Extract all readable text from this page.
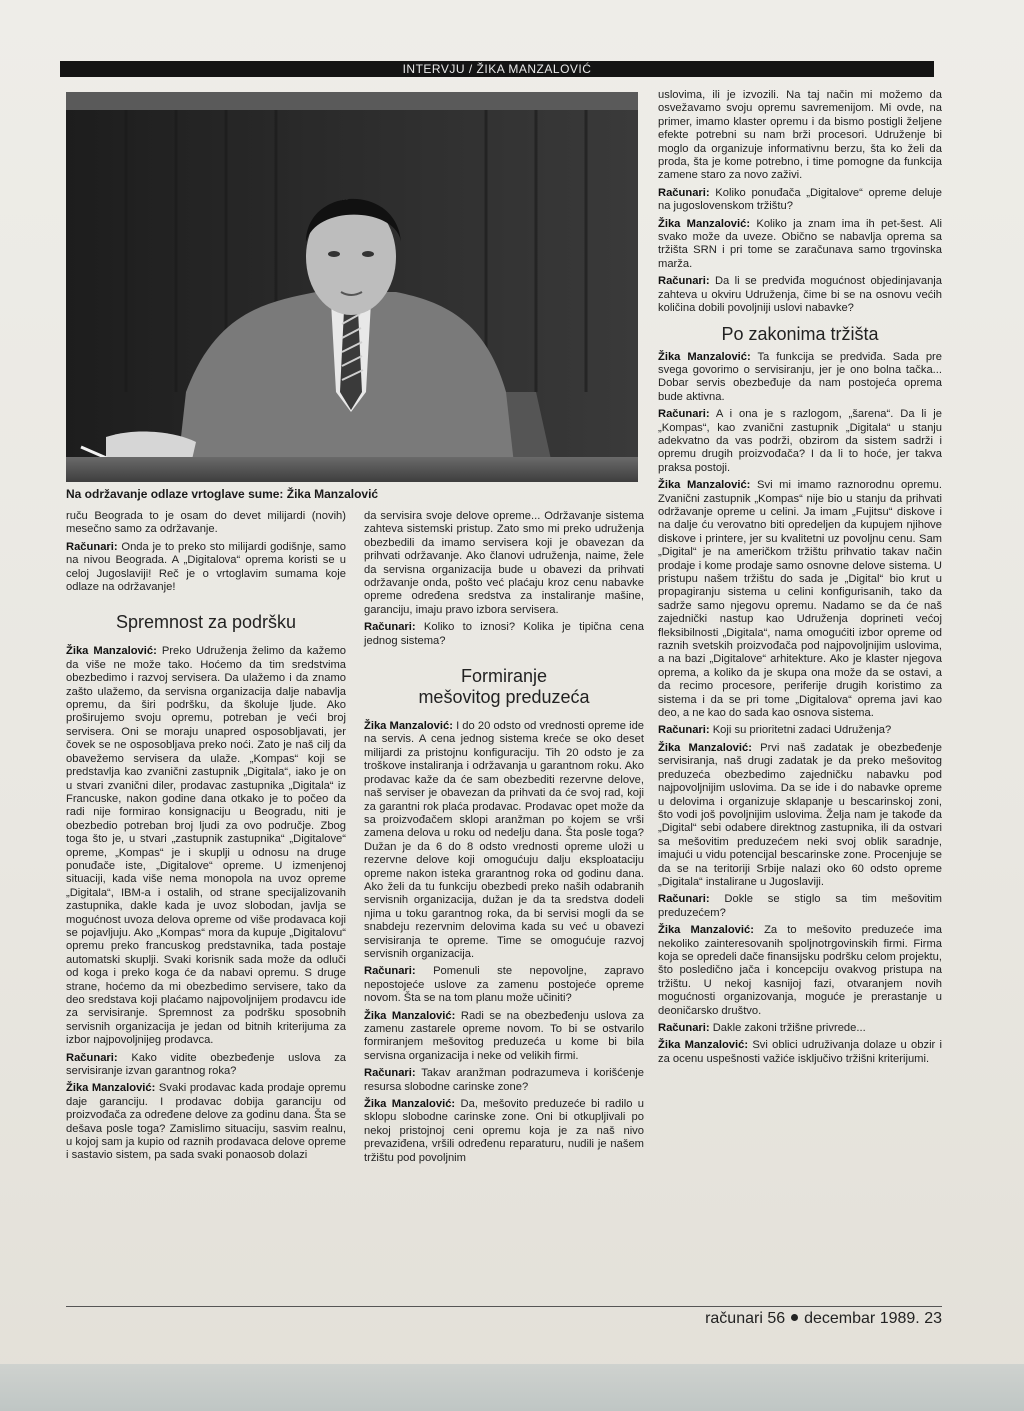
INTERVJU / ŽIKA MANZALOVIĆ
Na održavanje odlaze vrtoglave sume: Žika Manzalović

ruču Beograda to je osam do devet milijardi (novih) mesečno samo za održavanje.

Računari: Onda je to preko sto milijardi godišnje, samo na nivou Beograda. A „Digitalova“ oprema koristi se u celoj Jugoslaviji! Reč je o vrtoglavim sumama koje odlaze na održavanje!

Spremnost za podršku

Žika Manzalović: Preko Udruženja želimo da kažemo da više ne može tako. Hoćemo da tim sredstvima obezbedimo i razvoj servisera. Da ulažemo i da znamo zašto ulažemo, da servisna organizacija dalje nabavlja opremu, da širi podršku, da školuje ljude. Ako proširujemo svoju opremu, potreban je veći broj servisera. Oni se moraju unapred osposobljavati, jer čovek se ne osposobljava preko noći. Zato je naš cilj da obavežemo servisera da ulaže. „Kompas“ koji se predstavlja kao zvanični zastupnik „Digitala“, iako je on u stvari zvanični diler, prodavac zastupnika „Digitala“ iz Francuske, nakon godine dana otkako je to počeo da radi nije formirao konsignaciju u Beogradu, niti je obezbedio potreban broj ljudi za ovo područje. Zbog toga što je, u stvari „zastupnik zastupnika“ „Digitalove“ opreme, „Kompas“ je i skuplji u odnosu na druge ponuđače iste, „Digitalove“ opreme. U izmenjenoj situaciji, kada više nema monopola na uvoz opreme „Digitala“, IBM-a i ostalih, od strane specijalizovanih zastupnika, dakle kada je uvoz slobodan, javlja se mogućnost uvoza delova opreme od više prodavaca koji se pojavljuju. Ako „Kompas“ mora da kupuje „Digitalovu“ opremu preko francuskog predstavnika, tada postaje automatski skuplji. Svaki korisnik sada može da odluči od koga i preko koga će da nabavi opremu. S druge strane, hoćemo da mi obezbedimo servisere, tako da deo sredstava koji plaćamo najpovoljnijem prodavcu ide za servisiranje. Spremnost za podršku sposobnih servisnih organizacija je jedan od bitnih kriterijuma za izbor najpovoljnijeg prodavca.

Računari: Kako vidite obezbeđenje uslova za servisiranje izvan garantnog roka?

Žika Manzalović: Svaki prodavac kada prodaje opremu daje garanciju. I prodavac dobija garanciju od proizvođača za određene delove za godinu dana. Šta se dešava posle toga? Zamislimo situaciju, sasvim realnu, u kojoj sam ja kupio od raznih prodavaca delove opreme i sastavio sistem, pa sada svaki ponaosob dolazi

da servisira svoje delove opreme... Održavanje sistema zahteva sistemski pristup. Zato smo mi preko udruženja obezbedili da imamo servisera koji je obavezan da prihvati održavanje. Ako članovi udruženja, naime, žele da servisna organizacija bude u obavezi da prihvati održavanje onda, pošto već plaćaju kroz cenu nabavke opreme određena sredstva za instaliranje mašine, garanciju, imaju pravo izbora servisera.

Računari: Koliko to iznosi? Kolika je tipična cena jednog sistema?

Formiranje
mešovitog preduzeća

Žika Manzalović: I do 20 odsto od vrednosti opreme ide na servis. A cena jednog sistema kreće se oko deset milijardi za pristojnu konfiguraciju. Tih 20 odsto je za troškove instaliranja i održavanja u garantnom roku. Ako prodavac kaže da će sam obezbediti rezervne delove, naš serviser je obavezan da prihvati da će svoj rad, koji za garantni rok plaća prodavac. Prodavac opet može da sa proizvođačem sklopi aranžman po kojem se vrši zamena delova u roku od nedelju dana. Šta posle toga? Dužan je da 6 do 8 odsto vrednosti opreme uloži u rezervne delove koji omogućuju dalju eksploataciju opreme nakon isteka grarantnog roka od godinu dana. Ako želi da tu funkciju obezbedi preko naših odabranih servisnih organizacija, dužan je da ta sredstva dodeli njima u toku garantnog roka, da bi servisi mogli da se snabdeju rezervnim delovima kada su već u obavezi servisiranja te opreme. Time se omogućuje razvoj servisnih organizacija.

Računari: Pomenuli ste nepovoljne, zapravo nepostojeće uslove za zamenu postojeće opreme novom. Šta se na tom planu može učiniti?

Žika Manzalović: Radi se na obezbeđenju uslova za zamenu zastarele opreme novom. To bi se ostvarilo formiranjem mešovitog preduzeća u kome bi bila servisna organizacija i neke od velikih firmi.

Računari: Takav aranžman podrazumeva i korišćenje resursa slobodne carinske zone?

Žika Manzalović: Da, mešovito preduzeće bi radilo u sklopu slobodne carinske zone. Oni bi otkupljivali po nekoj pristojnoj ceni opremu koja je za naš nivo prevaziđena, vršili određenu reparaturu, nudili je našem tržištu pod povoljnim

uslovima, ili je izvozili. Na taj način mi možemo da osvežavamo svoju opremu savremenijom. Mi ovde, na primer, imamo klaster opremu i da bismo postigli željene efekte potrebni su nam brži procesori. Udruženje bi moglo da organizuje informativnu berzu, šta ko želi da proda, šta je kome potrebno, i time pomogne da funkcija zamene staro za novo zaživi.

Računari: Koliko ponuđača „Digitalove“ opreme deluje na jugoslovenskom tržištu?

Žika Manzalović: Koliko ja znam ima ih pet-šest. Ali svako može da uveze. Obično se nabavlja oprema sa tržišta SRN i pri tome se zaračunava samo trgovinska marža.

Računari: Da li se predviđa mogućnost objedinjavanja zahteva u okviru Udruženja, čime bi se na osnovu većih količina dobili povoljniji uslovi nabavke?

Po zakonima tržišta

Žika Manzalović: Ta funkcija se predviđa. Sada pre svega govorimo o servisiranju, jer je ono bolna tačka... Dobar servis obezbeđuje da nam postojeća oprema bude aktivna.

Računari: A i ona je s razlogom, „šarena“. Da li je „Kompas“, kao zvanični zastupnik „Digitala“ u stanju adekvatno da vas podrži, obzirom da sistem sadrži i opremu drugih proizvođača? I da li to hoće, jer takva praksa postoji.

Žika Manzalović: Svi mi imamo raznorodnu opremu. Zvanični zastupnik „Kompas“ nije bio u stanju da prihvati održavanje opreme u celini. Ja imam „Fujitsu“ diskove i na dalje ću verovatno biti opredeljen da kupujem njihove diskove i printere, jer su kvalitetni uz povoljnu cenu. Sam „Digital“ je na američkom tržištu prihvatio takav način prodaje i kome prodaje samo osnovne delove sistema. U pristupu našem tržištu do sada je „Digital“ bio krut u propagiranju sistema u celini konfigurisanih, tako da sadrže samo njegovu opremu. Nadamo se da će naš zajednički nastup kao Udruženja doprineti većoj fleksibilnosti „Digitala“, nama omogućiti izbor opreme od raznih svetskih proizvođača pod najpovoljnijim uslovima, a na bazi „Digitalove“ arhitekture. Ako je klaster njegova oprema, a koliko da je skupa ona može da se ostavi, a da recimo procesore, periferije drugih koristimo za sistema i da se pri tome „Digitalova“ oprema javi kao deo, a ne kao do sada kao osnova sistema.

Računari: Koji su prioritetni zadaci Udruženja?

Žika Manzalović: Prvi naš zadatak je obezbeđenje servisiranja, naš drugi zadatak je da preko mešovitog preduzeća obezbedimo zajedničku nabavku pod najpovoljnijim uslovima. Da se ide i do nabavke opreme u delovima i organizuje sklapanje u bescarinskoj zoni, što vodi još povoljnijim uslovima. Želja nam je takođe da „Digital“ sebi odabere direktnog zastupnika, ili da ostvari sa mešovitim preduzećem neki svoj oblik saradnje, imajući u vidu potencijal bescarinske zone. Procenjuje se da se na teritoriji Srbije nalazi oko 60 odsto opreme „Digitala“ instalirane u Jugoslaviji.

Računari: Dokle se stiglo sa tim mešovitim preduzećem?

Žika Manzalović: Za to mešovito preduzeće ima nekoliko zainteresovanih spoljnotrgovinskih firmi. Firma koja se opredeli dače finansijsku podršku celom projektu, što posledično jača i koncepciju ovakvog pristupa na tržištu. U nekoj kasnijoj fazi, otvaranjem novih mogućnosti organizovanja, moguće je prerastanje u deoničarsko društvo.

Računari: Dakle zakoni tržišne privrede...

Žika Manzalović: Svi oblici udruživanja dolaze u obzir i za ocenu uspešnosti važiće isključivo tržišni kriterijumi.

računari 56 decembar 1989. 23
